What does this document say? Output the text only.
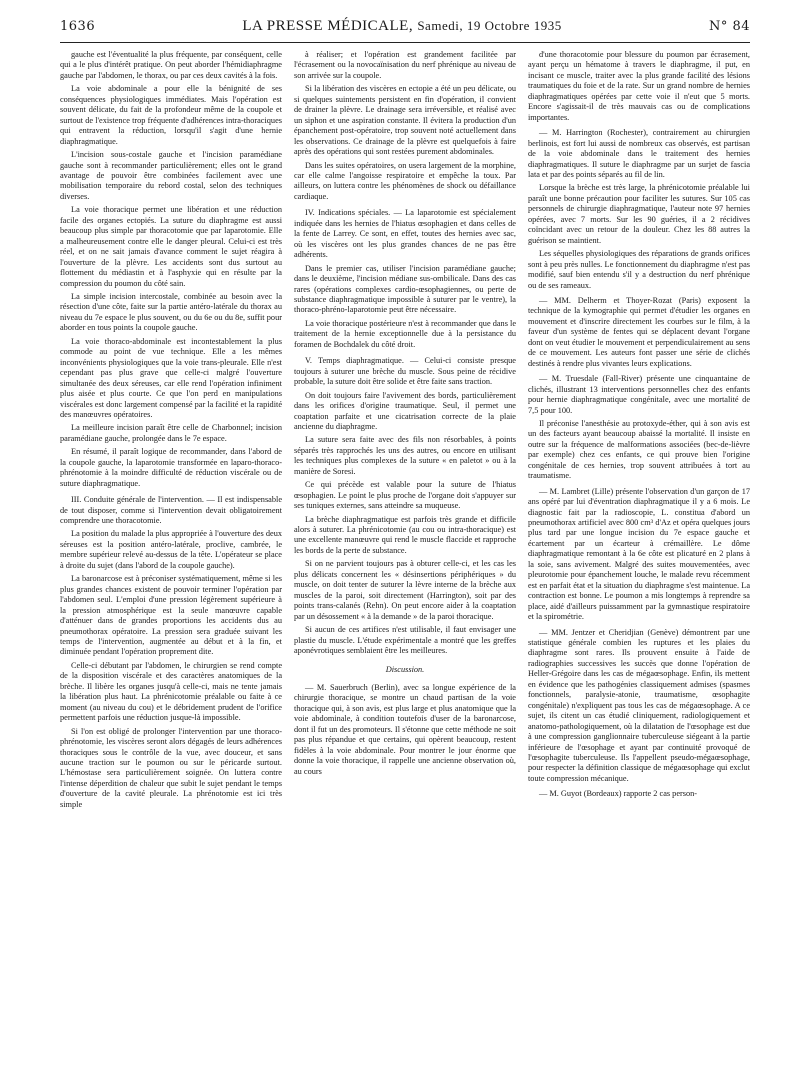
1636	LA PRESSE MÉDICALE, Samedi, 19 Octobre 1935	N° 84

gauche est l'éventualité la plus fréquente, par conséquent, celle qui a le plus d'intérêt pratique. On peut aborder l'hémidiaphragme gauche par l'abdomen, le thorax, ou par ces deux cavités à la fois.

La voie abdominale a pour elle la bénignité de ses conséquences physiologiques immédiates. Mais l'opération est souvent délicate, du fait de la profondeur même de la coupole et surtout de l'existence trop fréquente d'adhérences intra-thoraciques qui entravent la réduction, lorsqu'il s'agit d'une hernie diaphragmatique.

L'incision sous-costale gauche et l'incision paramédiane gauche sont à recommander particulièrement; elles ont le grand avantage de pouvoir être combinées facilement avec une mobilisation temporaire du rebord costal, selon des techniques diverses.

La voie thoracique permet une libération et une réduction facile des organes ectopiés. La suture du diaphragme est aussi beaucoup plus simple par thoracotomie que par laparotomie. Elle a malheureusement contre elle le danger pleural. Celui-ci est très réel, et on ne sait jamais d'avance comment le sujet réagira à l'ouverture de la plèvre. Les accidents sont dus surtout au flottement du médiastin et à l'asphyxie qui en résulte par la compression du poumon du côté sain.

La simple incision intercostale, combinée au besoin avec la résection d'une côte, faite sur la partie antéro-latérale du thorax au niveau du 7e espace le plus souvent, ou du 6e ou du 8e, suffit pour aborder en tous points la coupole gauche.

La voie thoraco-abdominale est incontestablement la plus commode au point de vue technique. Elle a les mêmes inconvénients physiologiques que la voie trans-pleurale. Elle n'est cependant pas plus grave que celle-ci malgré l'ouverture simultanée des deux séreuses, car elle rend l'opération infiniment plus aisée et plus courte. Ce que l'on perd en manipulations viscérales est donc largement compensé par la facilité et la rapidité des manœuvres opératoires.

La meilleure incision paraît être celle de Charbonnel; incision paramédiane gauche, prolongée dans le 7e espace.

En résumé, il paraît logique de recommander, dans l'abord de la coupole gauche, la laparotomie transformée en laparo-thoraco-phrénotomie à la moindre difficulté de réduction viscérale ou de suture diaphragmatique.

III. Conduite générale de l'intervention. — Il est indispensable de tout disposer, comme si l'intervention devait obligatoirement comprendre une thoracotomie.

La position du malade la plus appropriée à l'ouverture des deux séreuses est la position antéro-latérale, proclive, cambrée, le membre supérieur relevé au-dessus de la tête. L'opérateur se place à droite du sujet (dans l'abord de la coupole gauche).

La baronarcose est à préconiser systématiquement, même si les plus grandes chances existent de pouvoir terminer l'opération par l'abdomen seul. L'emploi d'une pression légèrement supérieure à la pression atmosphérique est la seule manœuvre capable d'atténuer dans de grandes proportions les accidents dus au pneumothorax opératoire. La pression sera graduée suivant les temps de l'intervention, augmentée au début et à la fin, et diminuée pendant l'opération proprement dite.

Celle-ci débutant par l'abdomen, le chirurgien se rend compte de la disposition viscérale et des caractères anatomiques de la brèche. Il libère les organes jusqu'à celle-ci, mais ne tente jamais la libération plus haut. La phrénicotomie préalable ou faite à ce moment (au niveau du cou) et le débridement prudent de l'orifice permettent parfois une réduction jusque-là impossible.

Si l'on est obligé de prolonger l'intervention par une thoraco-phrénotomie, les viscères seront alors dégagés de leurs adhérences thoraciques sous le contrôle de la vue, avec douceur, et sans aucune traction sur le poumon ou sur le péricarde surtout. L'hémostase sera particulièrement soignée. On luttera contre l'intense déperdition de chaleur que subit le sujet pendant le temps d'ouverture de la cavité pleurale. La phrénotomie est ici très simple

à réaliser; et l'opération est grandement facilitée par l'écrasement ou la novocaïnisation du nerf phrénique au niveau de son arrivée sur la coupole.

Si la libération des viscères en ectopie a été un peu délicate, ou si quelques suintements persistent en fin d'opération, il convient de drainer la plèvre. Le drainage sera irréversible, et réalisé avec un siphon et une aspiration constante. Il évitera la production d'un épanchement post-opératoire, trop souvent noté actuellement dans les observations. Ce drainage de la plèvre est quelquefois à faire après des opérations qui sont restées purement abdominales.

Dans les suites opératoires, on usera largement de la morphine, car elle calme l'angoisse respiratoire et empêche la toux. Par ailleurs, on luttera contre les phénomènes de shock ou défaillance cardiaque.

IV. Indications spéciales. — La laparotomie est spécialement indiquée dans les hernies de l'hiatus œsophagien et dans celles de la fente de Larrey. Ce sont, en effet, toutes des hernies avec sac, où les viscères ont les plus grandes chances de ne pas être adhérents.

Dans le premier cas, utiliser l'incision paramédiane gauche; dans le deuxième, l'incision médiane sus-ombilicale. Dans des cas rares (opérations complexes cardio-œsophagiennes, ou perte de substance diaphragmatique impossible à suturer par le ventre), la thoraco-phréno-laparotomie peut être nécessaire.

La voie thoracique postérieure n'est à recommander que dans le traitement de la hernie exceptionnelle due à la persistance du foramen de Bochdalek du côté droit.

V. Temps diaphragmatique. — Celui-ci consiste presque toujours à suturer une brèche du muscle. Sous peine de récidive probable, la suture doit être solide et être faite sans traction.

On doit toujours faire l'avivement des bords, particulièrement dans les orifices d'origine traumatique. Seul, il permet une coaptation parfaite et une cicatrisation correcte de la plaie ancienne du diaphragme.

La suture sera faite avec des fils non résorbables, à points séparés très rapprochés les uns des autres, ou encore en utilisant les techniques plus complexes de la suture « en paletot » ou à la manière de Soresi.

Ce qui précède est valable pour la suture de l'hiatus œsophagien. Le point le plus proche de l'organe doit s'appuyer sur ses tuniques externes, sans atteindre sa muqueuse.

La brèche diaphragmatique est parfois très grande et difficile alors à suturer. La phrénicotomie (au cou ou intra-thoracique) est une excellente manœuvre qui rend le muscle flaccide et rapproche les bords de la perte de substance.

Si on ne parvient toujours pas à obturer celle-ci, et les cas les plus délicats concernent les « désinsertions périphériques » du muscle, on doit tenter de suturer la lèvre interne de la brèche aux muscles de la paroi, soit directement (Harrington), soit par des points trans-calanés (Rehn). On peut encore aider à la coaptation par un désossement « à la demande » de la paroi thoracique.

Si aucun de ces artifices n'est utilisable, il faut envisager une plastie du muscle. L'étude expérimentale a montré que les greffes aponévrotiques semblaient être les meilleures.

Discussion.

— M. Sauerbruch (Berlin), avec sa longue expérience de la chirurgie thoracique, se montre un chaud partisan de la voie thoracique qui, à son avis, est plus large et plus anatomique que la voie abdominale, à condition toutefois d'user de la baronarcose, dont il fut un des promoteurs. Il s'étonne que cette méthode ne soit pas plus répandue et que certains, qui opèrent beaucoup, restent fidèles à la voie abdominale. Pour montrer le jour énorme que donne la voie thoracique, il rappelle une ancienne observation où, au cours

d'une thoracotomie pour blessure du poumon par écrasement, ayant perçu un hématome à travers le diaphragme, il put, en incisant ce muscle, traiter avec la plus grande facilité des lésions traumatiques du foie et de la rate. Sur un grand nombre de hernies diaphragmatiques opérées par cette voie il n'eut que 5 morts. Encore s'agissait-il de très mauvais cas ou de complications importantes.

— M. Harrington (Rochester), contrairement au chirurgien berlinois, est fort lui aussi de nombreux cas observés, est partisan de la voie abdominale dans le traitement des hernies diaphragmatiques. Il suture le diaphragme par un surjet de fascia lata et par des points séparés au fil de lin.

Lorsque la brèche est très large, la phrénicotomie préalable lui paraît une bonne précaution pour faciliter les sutures. Sur 105 cas personnels de chirurgie diaphragmatique, l'auteur note 97 hernies opérées, avec 7 morts. Sur les 90 guéries, il a 2 récidives coïncidant avec un retour de la douleur. Chez les 88 autres la guérison se maintient.

Les séquelles physiologiques des réparations de grands orifices sont à peu près nulles. Le fonctionnement du diaphragme n'est pas modifié, sauf bien entendu s'il y a destruction du nerf phrénique ou de ses rameaux.

— MM. Delherm et Thoyer-Rozat (Paris) exposent la technique de la kymographie qui permet d'étudier les organes en mouvement et d'inscrire directement les courbes sur le film, à la faveur d'un système de fentes qui se déplacent devant l'organe dont on veut étudier le mouvement et perpendiculairement au sens de ce mouvement. Les auteurs font passer une série de clichés destinés à rendre plus vivantes leurs explications.

— M. Truesdale (Fall-River) présente une cinquantaine de clichés, illustrant 13 interventions personnelles chez des enfants pour hernie diaphragmatique congénitale, avec une mortalité de 7,5 pour 100.

Il préconise l'anesthésie au protoxyde-éther, qui à son avis est un des facteurs ayant beaucoup abaissé la mortalité. Il insiste en outre sur la fréquence de malformations associées (bec-de-lièvre par exemple) chez ces enfants, ce qui prouve bien l'origine congénitale de ces hernies, trop souvent attribuées à tort au traumatisme.

— M. Lambret (Lille) présente l'observation d'un garçon de 17 ans opéré par lui d'éventration diaphragmatique il y a 6 mois. Le diagnostic fait par la radioscopie, L. constitua d'abord un pneumothorax artificiel avec 800 cm³ d'Az et opéra quelques jours plus tard par une longue incision du 7e espace gauche et écartement par un écarteur à crémaillère. Le dôme diaphragmatique remontant à la 6e côte est plicaturé en 2 plans à la soie, sans avivement. Malgré des suites mouvementées, avec pleurotomie pour épanchement louche, le malade revu récemment est en parfait état et la situation du diaphragme s'est maintenue. La contraction est bonne. Le poumon a mis longtemps à reprendre sa place, aidé d'ailleurs puissamment par la gymnastique respiratoire et la spirométrie.

— MM. Jentzer et Cheridjian (Genève) démontrent par une statistique générale combien les ruptures et les plaies du diaphragme sont rares. Ils prouvent ensuite à l'aide de radiographies successives les succès que donne l'opération de Heller-Grégoire dans les cas de mégaœsophage. Enfin, ils mettent en évidence que les pathogénies classiquement admises (spasmes fonctionnels, paralysie-atonie, traumatisme, œsophagite congénitale) n'expliquent pas tous les cas de mégaœsophage. A ce sujet, ils citent un cas étudié cliniquement, radiologiquement et anatomo-pathologiquement, où la dilatation de l'œsophage est due à une compression ganglionnaire tuberculeuse siégeant à la partie inférieure de l'œsophage et ayant par continuité provoqué de l'œsophagite tuberculeuse. Ils l'appellent pseudo-mégaœsophage, pour respecter la définition classique de mégaœsophage qui exclut toute compression mécanique.

— M. Guyot (Bordeaux) rapporte 2 cas person-
